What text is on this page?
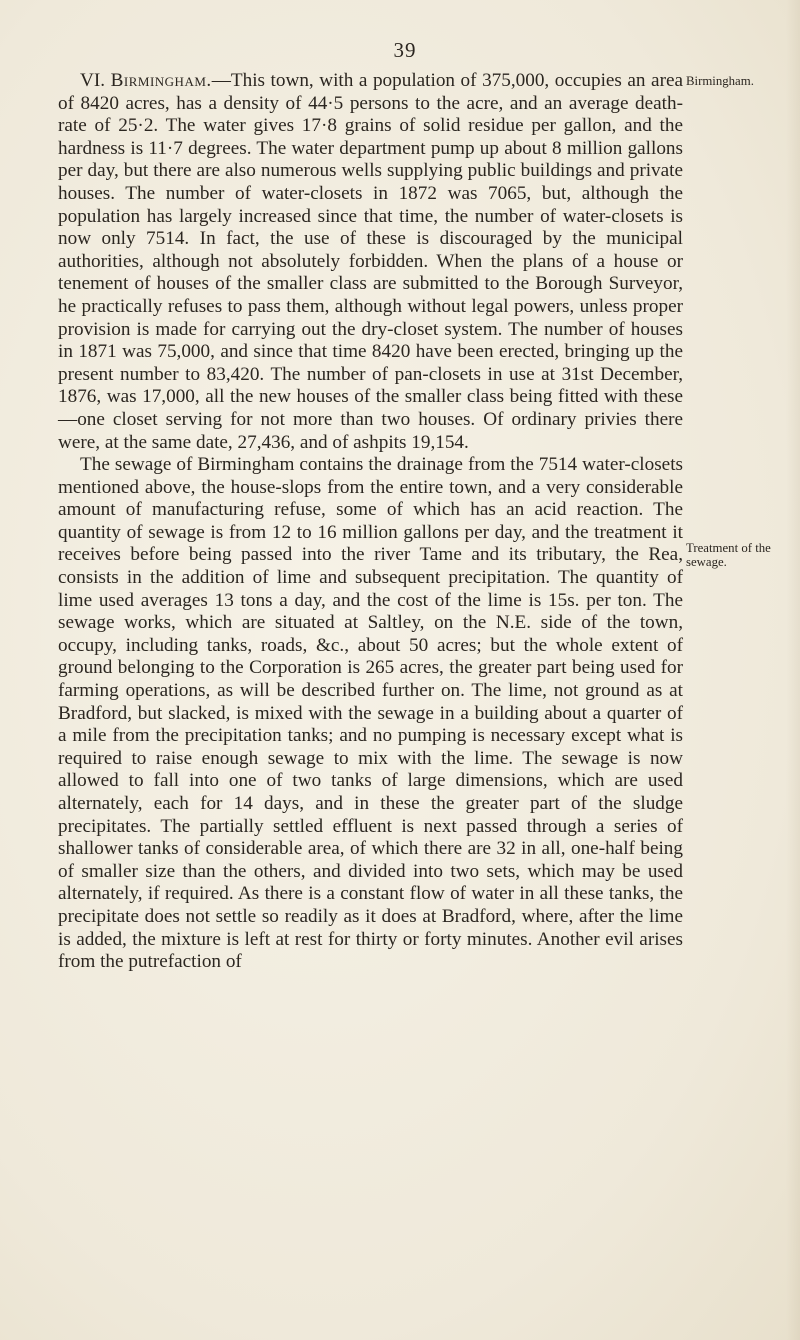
39
Birmingham.
Treatment of the
sewage.

VI. Birmingham.—This town, with a population of 375,000, occupies an area of 8420 acres, has a density of 44·5 persons to the acre, and an average death-rate of 25·2. The water gives 17·8 grains of solid residue per gallon, and the hardness is 11·7 degrees. The water department pump up about 8 million gallons per day, but there are also numerous wells supplying public buildings and private houses. The number of water-closets in 1872 was 7065, but, although the population has largely increased since that time, the number of water-closets is now only 7514. In fact, the use of these is discouraged by the municipal authorities, although not absolutely forbidden. When the plans of a house or tenement of houses of the smaller class are submitted to the Borough Surveyor, he practically refuses to pass them, although without legal powers, unless proper provision is made for carrying out the dry-closet system. The number of houses in 1871 was 75,000, and since that time 8420 have been erected, bringing up the present number to 83,420. The number of pan-closets in use at 31st December, 1876, was 17,000, all the new houses of the smaller class being fitted with these—one closet serving for not more than two houses. Of ordinary privies there were, at the same date, 27,436, and of ashpits 19,154.

The sewage of Birmingham contains the drainage from the 7514 water-closets mentioned above, the house-slops from the entire town, and a very considerable amount of manufacturing refuse, some of which has an acid reaction. The quantity of sewage is from 12 to 16 million gallons per day, and the treatment it receives before being passed into the river Tame and its tributary, the Rea, consists in the addition of lime and subsequent precipitation. The quantity of lime used averages 13 tons a day, and the cost of the lime is 15s. per ton. The sewage works, which are situated at Saltley, on the N.E. side of the town, occupy, including tanks, roads, &c., about 50 acres; but the whole extent of ground belonging to the Corporation is 265 acres, the greater part being used for farming operations, as will be described further on. The lime, not ground as at Bradford, but slacked, is mixed with the sewage in a building about a quarter of a mile from the precipitation tanks; and no pumping is necessary except what is required to raise enough sewage to mix with the lime. The sewage is now allowed to fall into one of two tanks of large dimensions, which are used alternately, each for 14 days, and in these the greater part of the sludge precipitates. The partially settled effluent is next passed through a series of shallower tanks of considerable area, of which there are 32 in all, one-half being of smaller size than the others, and divided into two sets, which may be used alternately, if required. As there is a constant flow of water in all these tanks, the precipitate does not settle so readily as it does at Bradford, where, after the lime is added, the mixture is left at rest for thirty or forty minutes. Another evil arises from the putrefaction of
